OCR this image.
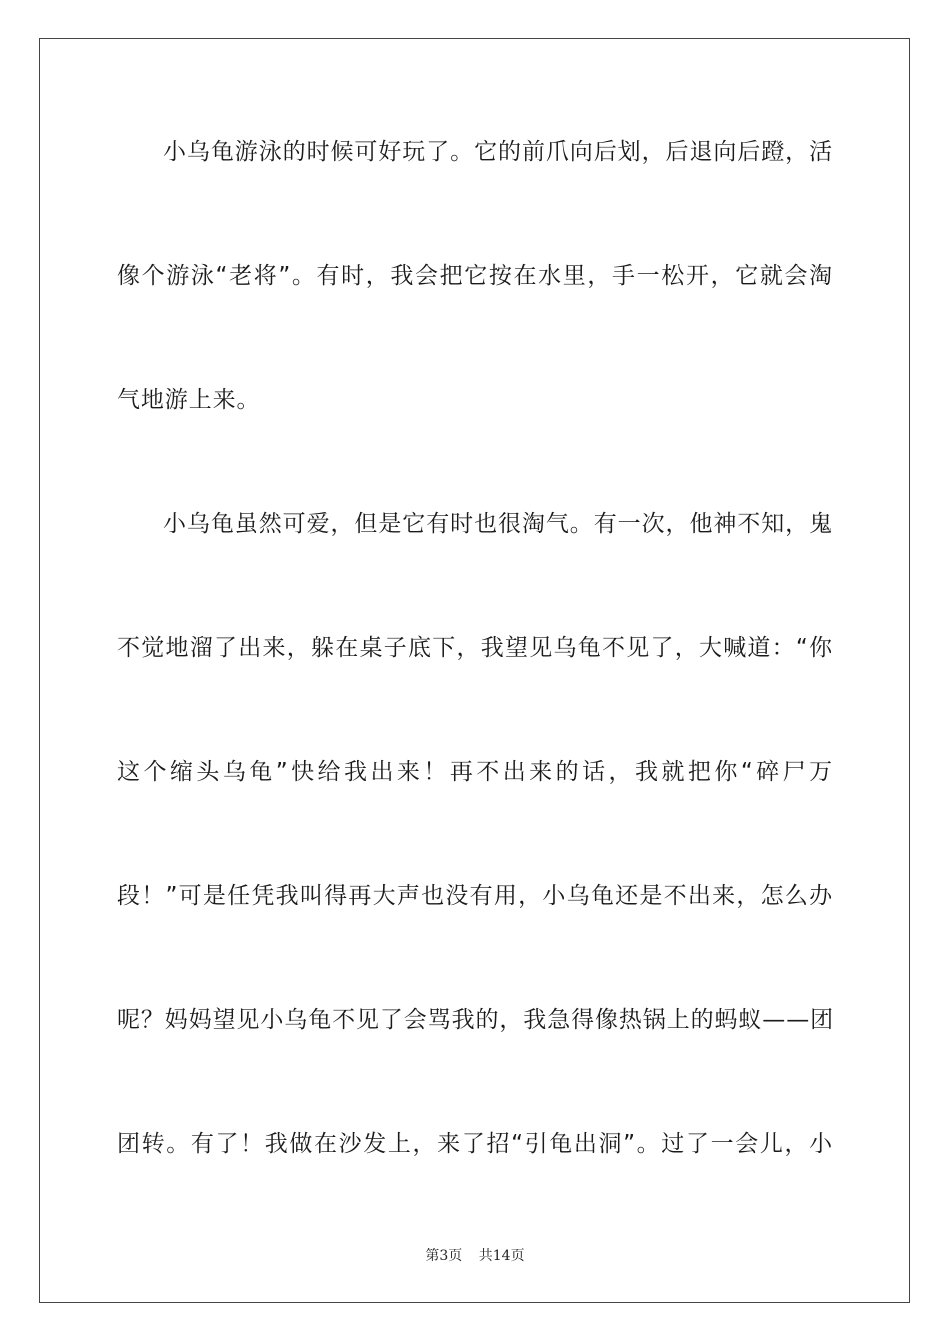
小乌龟游泳的时候可好玩了。它的前爪向后划，后退向后蹬，活
像个游泳“老将”。有时，我会把它按在水里，手一松开，它就会淘
气地游上来。
小乌龟虽然可爱，但是它有时也很淘气。有一次，他神不知，鬼
不觉地溜了出来，躲在桌子底下，我望见乌龟不见了，大喊道：“你
这个缩头乌龟”快给我出来！再不出来的话，我就把你“碎尸万
段！”可是任凭我叫得再大声也没有用，小乌龟还是不出来，怎么办
呢？妈妈望见小乌龟不见了会骂我的，我急得像热锅上的蚂蚁——团
团转。有了！我做在沙发上，来了招“引龟出洞”。过了一会儿，小
第3页 共14页
